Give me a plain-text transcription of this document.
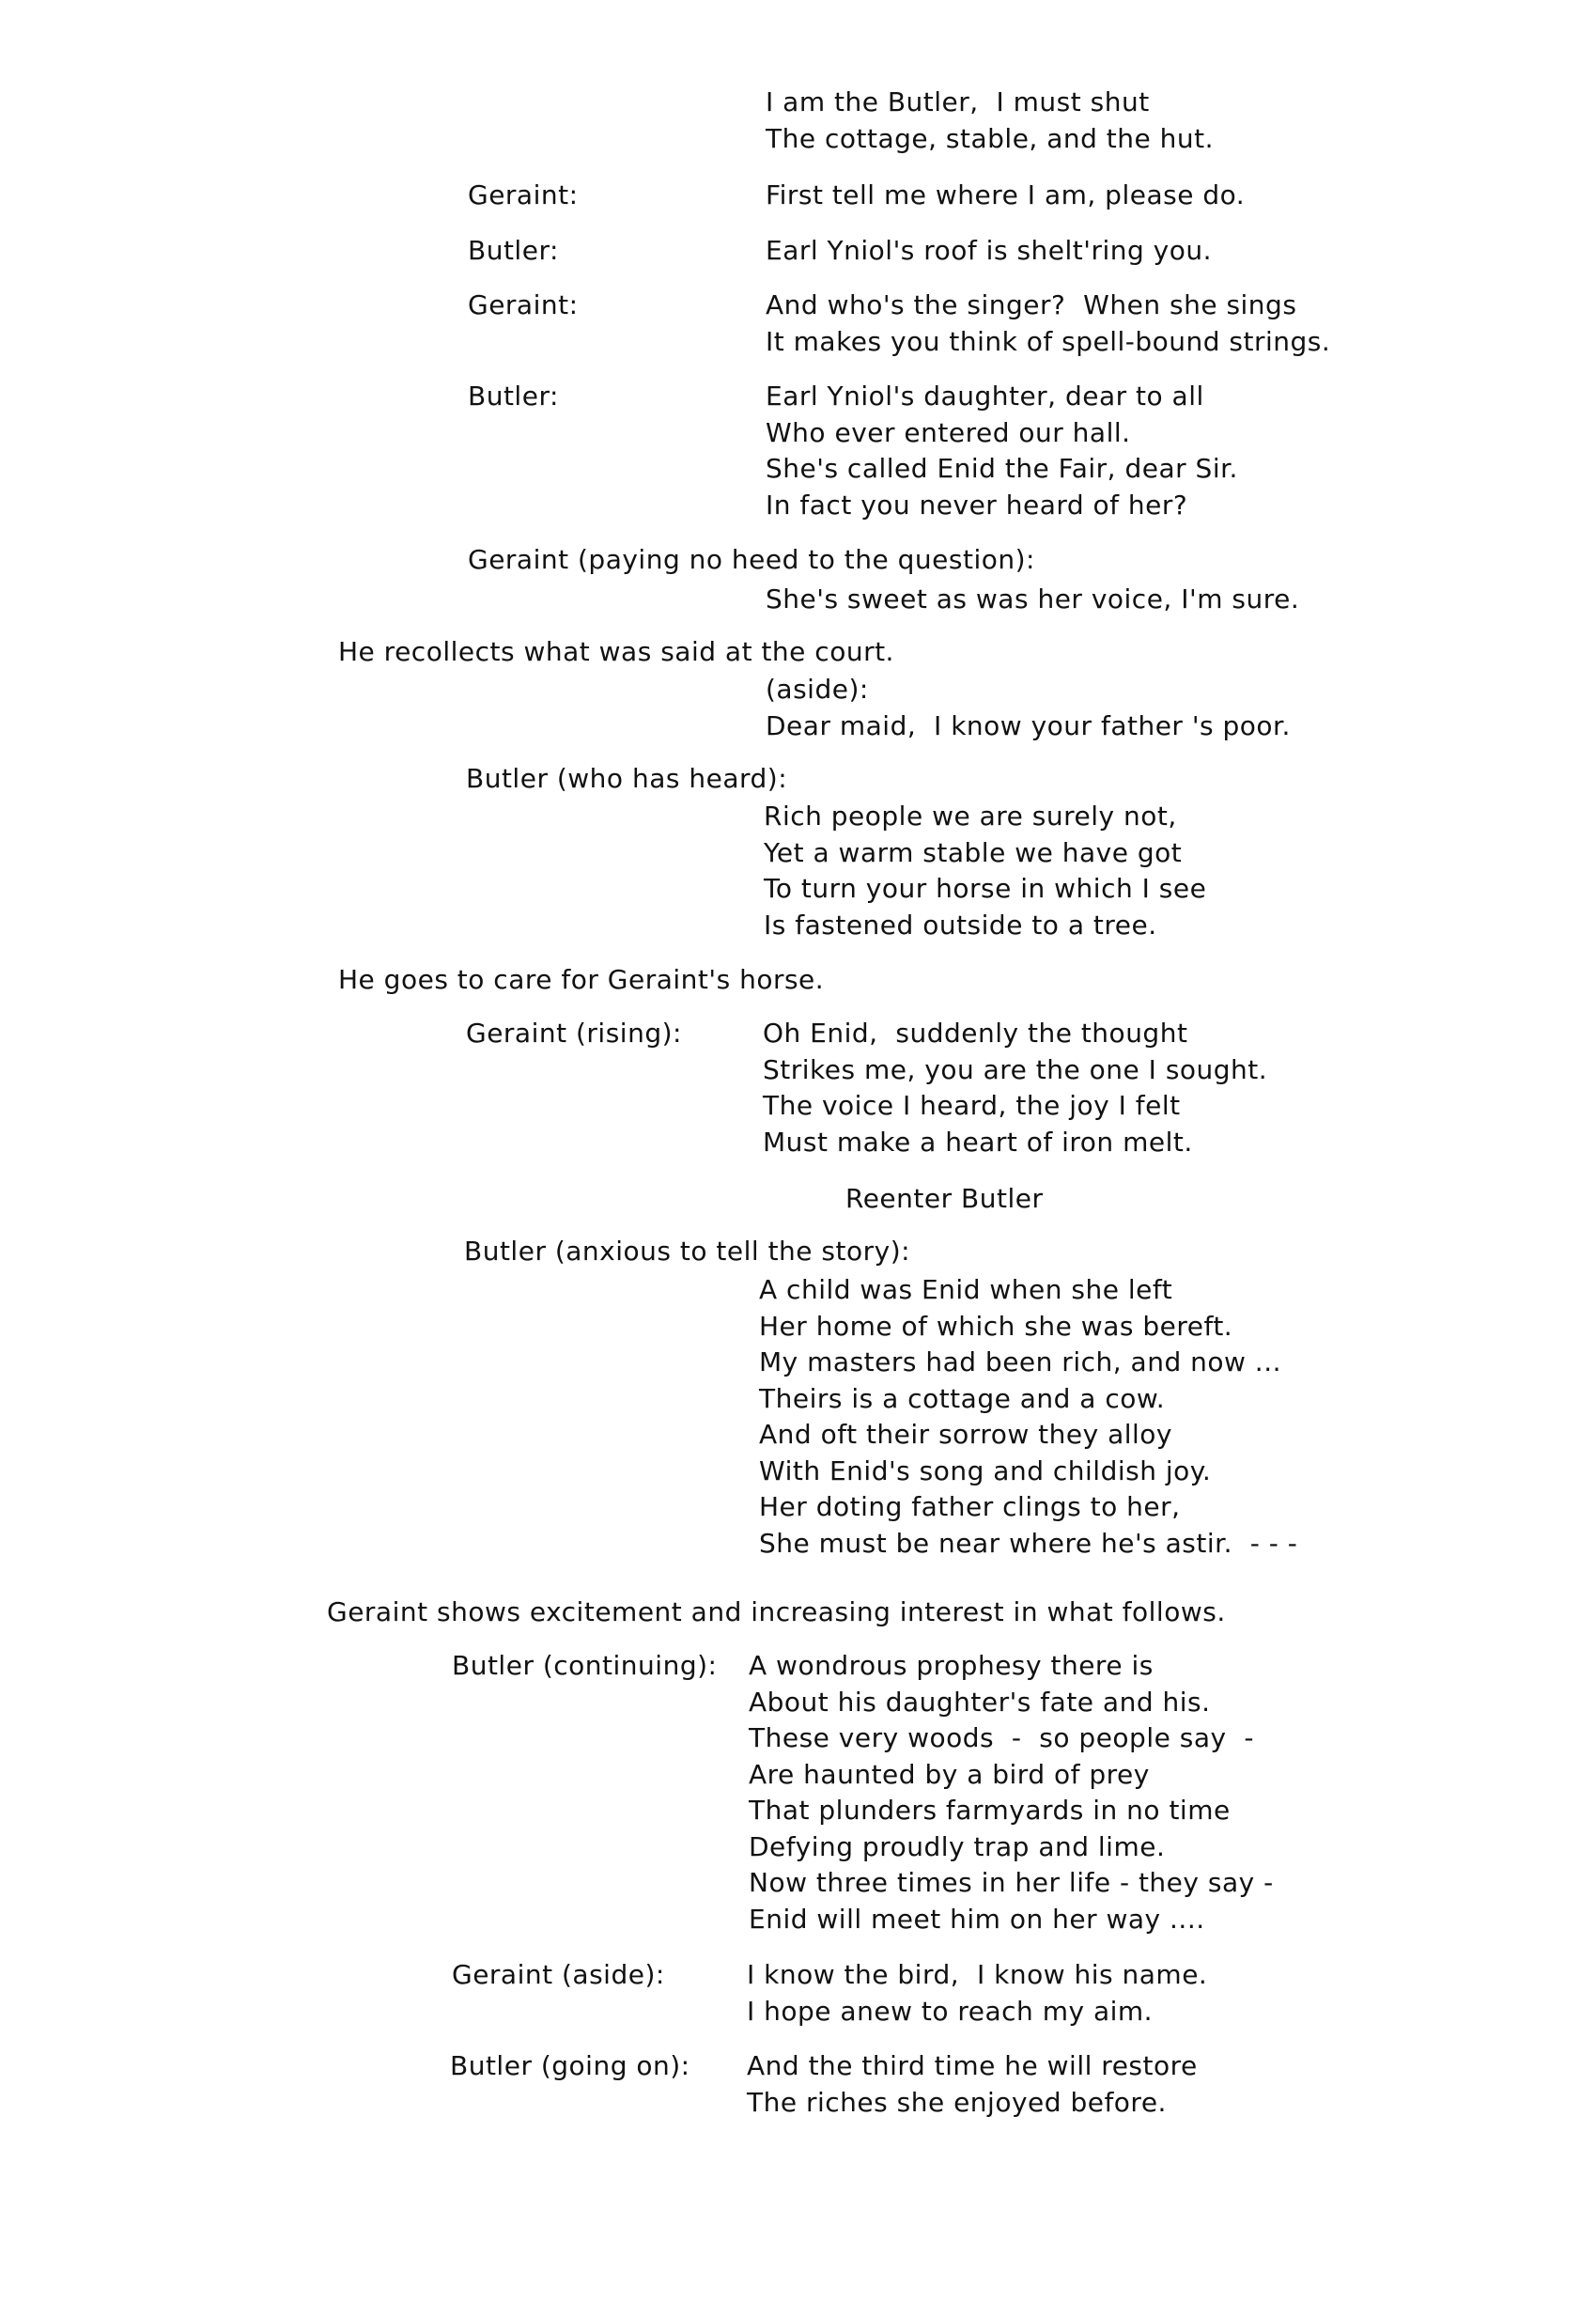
I am the Butler,  I must shut
The cottage, stable, and the hut.
Geraint:	First tell me where I am, please do.
Butler:	Earl Yniol's roof is shelt'ring you.
Geraint:	And who's the singer?  When she sings
It makes you think of spell-bound strings.
Butler:	Earl Yniol's daughter, dear to all
Who ever entered our hall.
She's called Enid the Fair, dear Sir.
In fact you never heard of her?
Geraint (paying no heed to the question):
She's sweet as was her voice, I'm sure.
He recollects what was said at the court.
(aside):
Dear maid,  I know your father 's poor.
Butler (who has heard):
Rich people we are surely not,
Yet a warm stable we have got
To turn your horse in which I see
Is fastened outside to a tree.
He goes to care for Geraint's horse.
Geraint (rising):	Oh Enid,  suddenly the thought
Strikes me, you are the one I sought.
The voice I heard, the joy I felt
Must make a heart of iron melt.
Reenter Butler
Butler (anxious to tell the story):
A child was Enid when she left
Her home of which she was bereft.
My masters had been rich, and now ...
Theirs is a cottage and a cow.
And oft their sorrow they alloy
With Enid's song and childish joy.
Her doting father clings to her,
She must be near where he's astir.  - - -
Geraint shows excitement and increasing interest in what follows.
Butler (continuing): A wondrous prophesy there is
About his daughter's fate and his.
These very woods  -  so people say  -
Are haunted by a bird of prey
That plunders farmyards in no time
Defying proudly trap and lime.
Now three times in her life - they say -
Enid will meet him on her way ....
Geraint (aside):	I know the bird,  I know his name.
I hope anew to reach my aim.
Butler (going on): And the third time he will restore
The riches she enjoyed before.
